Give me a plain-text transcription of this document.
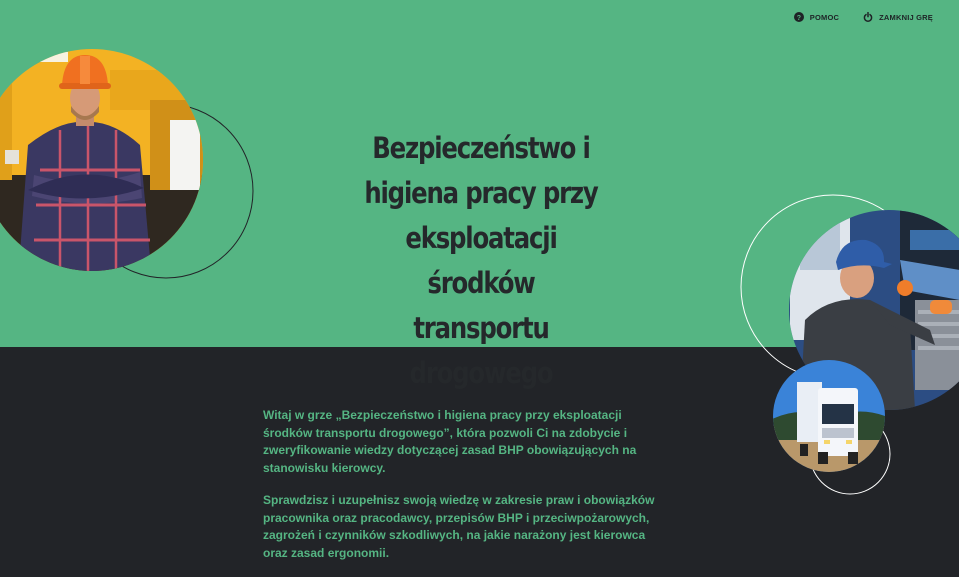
? POMOC	ZAMKNIJ GRĘ
Bezpieczeństwo i
higiena pracy przy
eksploatacji
środków transportu
drogowego

Witaj w grze „Bezpieczeństwo i higiena pracy przy eksploatacji środków transportu drogowego”, która pozwoli Ci na zdobycie i zweryfikowanie wiedzy dotyczącej zasad BHP obowiązujących na stanowisku kierowcy.

Sprawdzisz i uzupełnisz swoją wiedzę w zakresie praw i obowiązków pracownika oraz pracodawcy, przepisów BHP i przeciwpożarowych, zagrożeń i czynników szkodliwych, na jakie narażony jest kierowca oraz zasad ergonomii.
